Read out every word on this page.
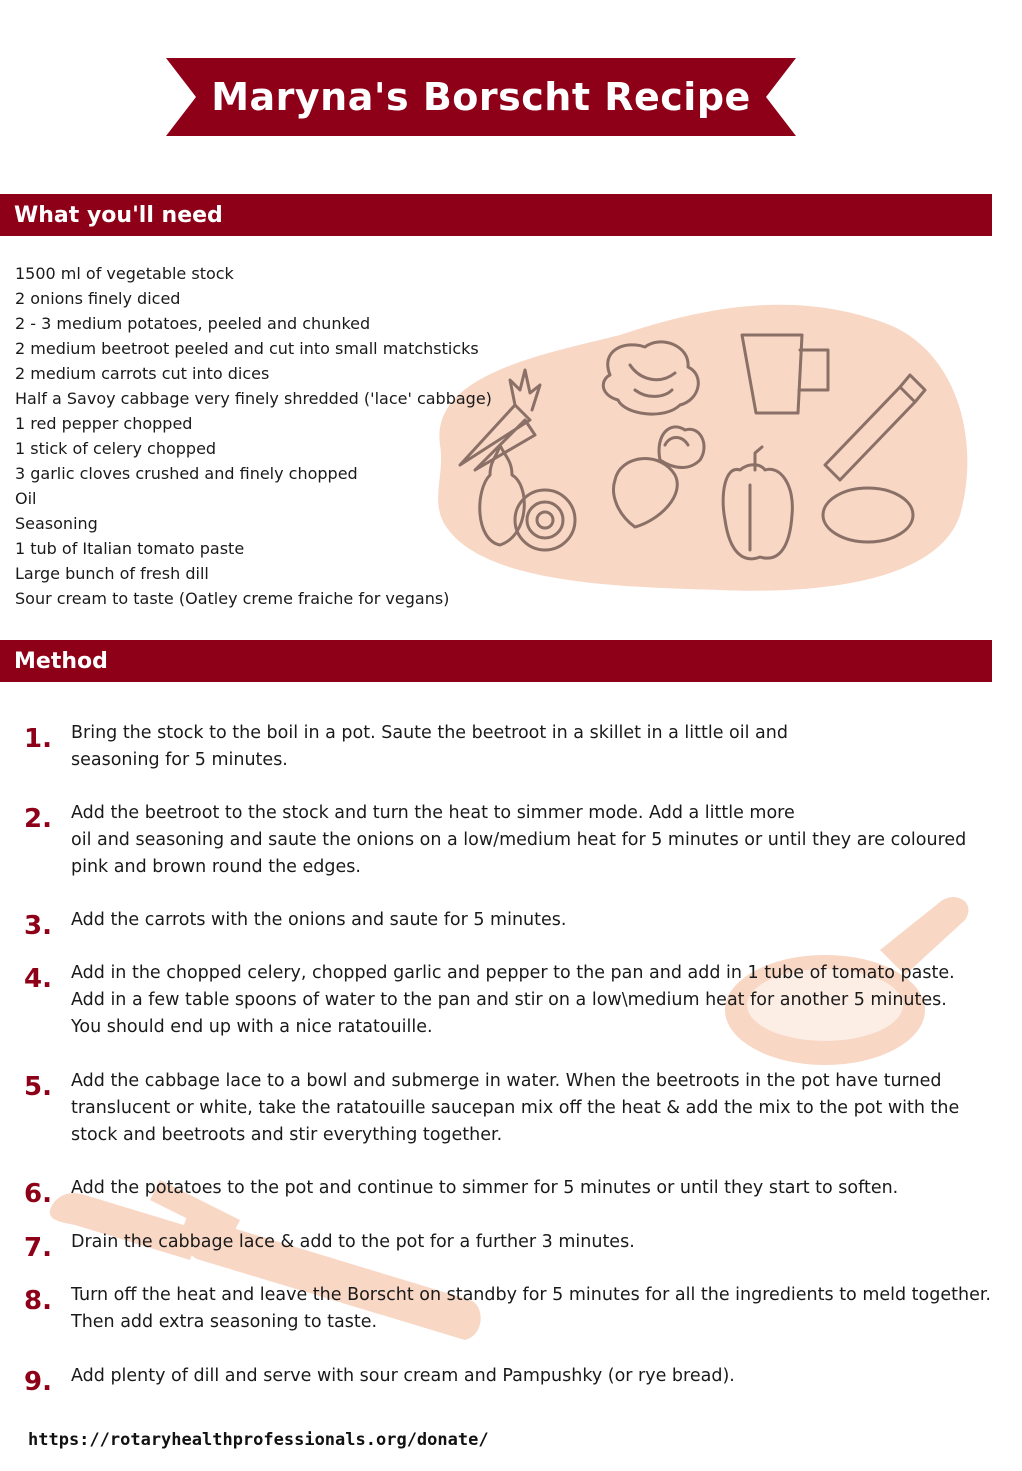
Maryna's Borscht Recipe
What you'll need
1500 ml of vegetable stock
2 onions finely diced
2 - 3 medium potatoes, peeled and chunked
2 medium beetroot peeled and cut into small matchsticks
2 medium carrots cut into dices
Half a Savoy cabbage very finely shredded ('lace' cabbage)
1 red pepper chopped
1 stick of celery chopped
3 garlic cloves crushed and finely chopped
Oil
Seasoning
1 tub of Italian tomato paste
Large bunch of fresh dill
Sour cream to taste (Oatley creme fraiche for vegans)
Method
1. Bring the stock to the boil in a pot. Saute the beetroot in a skillet in a little oil and
seasoning for 5 minutes.
2. Add the beetroot to the stock and turn the heat to simmer mode. Add a little more
oil and seasoning and saute the onions on a low/medium heat for 5 minutes or until they are coloured
pink and brown round the edges.
3. Add the carrots with the onions and saute for 5 minutes.
4. Add in the chopped celery, chopped garlic and pepper to the pan and add in 1 tube of tomato paste.
Add in a few table spoons of water to the pan and stir on a low\medium heat for another 5 minutes.
You should end up with a nice ratatouille.
5. Add the cabbage lace to a bowl and submerge in water. When the beetroots in the pot have turned
translucent or white, take the ratatouille saucepan mix off the heat & add the mix to the pot with the
stock and beetroots and stir everything together.
6. Add the potatoes to the pot and continue to simmer for 5 minutes or until they start to soften.
7. Drain the cabbage lace & add to the pot for a further 3 minutes.
8. Turn off the heat and leave the Borscht on standby for 5 minutes for all the ingredients to meld together.
Then add extra seasoning to taste.
9. Add plenty of dill and serve with sour cream and Pampushky (or rye bread).
https://rotaryhealthprofessionals.org/donate/
